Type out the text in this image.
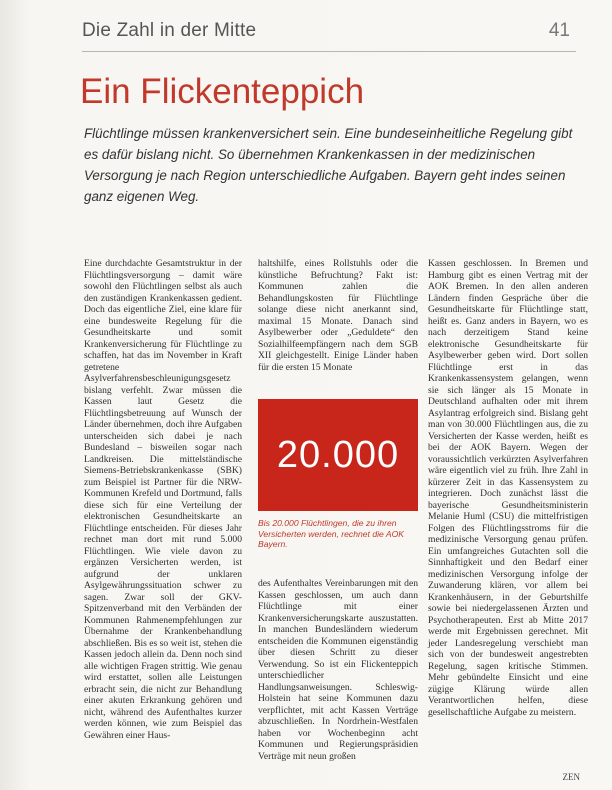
Die Zahl in der Mitte	41
Ein Flickenteppich

Flüchtlinge müssen krankenversichert sein. Eine bundeseinheitliche Regelung gibt es dafür bislang nicht. So übernehmen Krankenkassen in der medizinischen Versorgung je nach Region unterschiedliche Aufgaben. Bayern geht indes seinen ganz eigenen Weg.

Eine durchdachte Gesamtstruktur in der Flüchtlingsversorgung – damit wäre sowohl den Flüchtlingen selbst als auch den zuständigen Krankenkassen gedient. Doch das eigentliche Ziel, eine klare für eine bundesweite Regelung für die Gesundheitskarte und somit Krankenversicherung für Flüchtlinge zu schaffen, hat das im November in Kraft getretene Asylverfahrensbeschleunigungsgesetz bislang verfehlt. Zwar müssen die Kassen laut Gesetz die Flüchtlingsbetreuung auf Wunsch der Länder übernehmen, doch ihre Aufgaben unterscheiden sich dabei je nach Bundesland – bisweilen sogar nach Landkreisen. Die mittelständische Siemens-Betriebskrankenkasse (SBK) zum Beispiel ist Partner für die NRW-Kommunen Krefeld und Dortmund, falls diese sich für eine Verteilung der elektronischen Gesundheitskarte an Flüchtlinge entscheiden. Für dieses Jahr rechnet man dort mit rund 5.000 Flüchtlingen. Wie viele davon zu ergänzen Versicherten werden, ist aufgrund der unklaren Asylgewährungssituation schwer zu sagen. Zwar soll der GKV-Spitzenverband mit den Verbänden der Kommunen Rahmenempfehlungen zur Übernahme der Krankenbehandlung abschließen. Bis es so weit ist, stehen die Kassen jedoch allein da. Denn noch sind alle wichtigen Fragen strittig. Wie genau wird erstattet, sollen alle Leistungen erbracht sein, die nicht zur Behandlung einer akuten Erkrankung gehören und nicht, während des Aufenthaltes kurzer werden können, wie zum Beispiel das Gewähren einer Haus-

haltshilfe, eines Rollstuhls oder die künstliche Befruchtung? Fakt ist: Kommunen zahlen die Behandlungskosten für Flüchtlinge solange diese nicht anerkannt sind, maximal 15 Monate. Danach sind Asylbewerber oder „Geduldete“ den Sozialhilfeempfängern nach dem SGB XII gleichgestellt. Einige Länder haben für die ersten 15 Monate

20.000
Bis 20.000 Flüchtlingen, die zu ihren Versicherten werden, rechnet die AOK Bayern.

des Aufenthaltes Vereinbarungen mit den Kassen geschlossen, um auch dann Flüchtlinge mit einer Krankenversicherungskarte auszustatten. In manchen Bundesländern wiederum entscheiden die Kommunen eigenständig über diesen Schritt zu dieser Verwendung. So ist ein Flickenteppich unterschiedlicher Handlungsanweisungen. Schleswig-Holstein hat seine Kommunen dazu verpflichtet, mit acht Kassen Verträge abzuschließen. In Nordrhein-Westfalen haben vor Wochenbeginn acht Kommunen und Regierungspräsidien Verträge mit neun großen

Kassen geschlossen. In Bremen und Hamburg gibt es einen Vertrag mit der AOK Bremen. In den allen anderen Ländern finden Gespräche über die Gesundheitskarte für Flüchtlinge statt, heißt es. Ganz anders in Bayern, wo es nach derzeitigem Stand keine elektronische Gesundheitskarte für Asylbewerber geben wird. Dort sollen Flüchtlinge erst in das Krankenkassensystem gelangen, wenn sie sich länger als 15 Monate in Deutschland aufhalten oder mit ihrem Asylantrag erfolgreich sind. Bislang geht man von 30.000 Flüchtlingen aus, die zu Versicherten der Kasse werden, heißt es bei der AOK Bayern. Wegen der voraussichtlich verkürzten Asylverfahren wäre eigentlich viel zu früh. Ihre Zahl in kürzerer Zeit in das Kassensystem zu integrieren. Doch zunächst lässt die bayerische Gesundheitsministerin Melanie Huml (CSU) die mittelfristigen Folgen des Flüchtlingsstroms für die medizinische Versorgung genau prüfen. Ein umfangreiches Gutachten soll die Sinnhaftigkeit und den Bedarf einer medizinischen Versorgung infolge der Zuwanderung klären, vor allem bei Krankenhäusern, in der Geburtshilfe sowie bei niedergelassenen Ärzten und Psychotherapeuten. Erst ab Mitte 2017 werde mit Ergebnissen gerechnet. Mit jeder Landesregelung verschiebt man sich von der bundesweit angestrebten Regelung, sagen kritische Stimmen. Mehr gebündelte Einsicht und eine zügige Klärung würde allen Verantwortlichen helfen, diese gesellschaftliche Aufgabe zu meistern.

ZEN
